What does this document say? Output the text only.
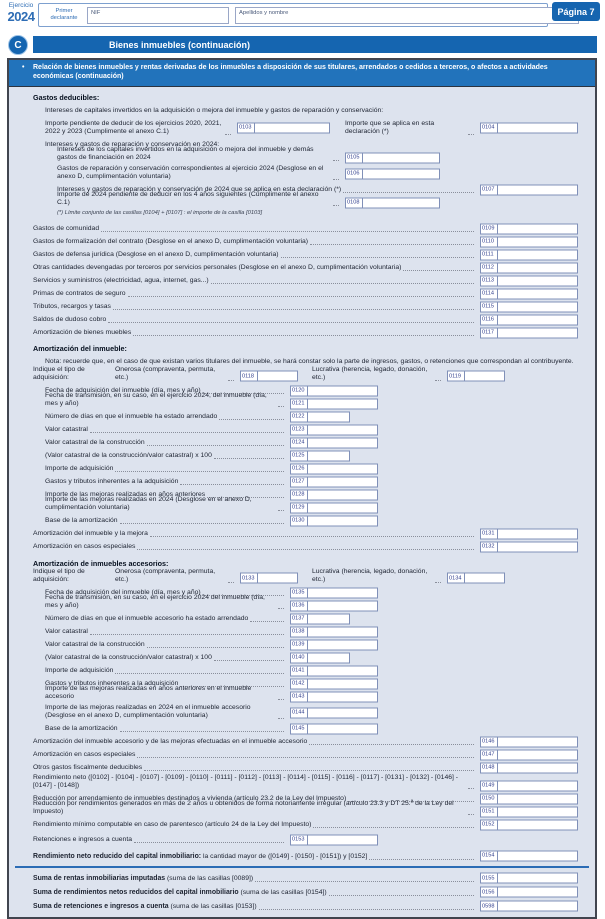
Ejercicio
2024	Primer declarante
NIF	Apellidos y nombre	Página 7
C	Bienes inmuebles (continuación)
• Relación de bienes inmuebles y rentas derivadas de los inmuebles a disposición de sus titulares, arrendados o cedidos a terceros, o afectos a actividades económicas (continuación)
Gastos deducibles:
Intereses de capitales invertidos en la adquisición o mejora del inmueble y gastos de reparación y conservación:
Importe pendiente de deducir de los ejercicios 2020, 2021, 2022 y 2023 (Cumplimente el anexo C.1)
0103
Importe que se aplica en esta declaración (*)
0104
Intereses y gastos de reparación y conservación en 2024:
Intereses de los capitales invertidos en la adquisición o mejora del inmueble y demás gastos de financiación en 2024	0105
Gastos de reparación y conservación correspondientes al ejercicio 2024 (Desglose en el anexo D, cumplimentación voluntaria)	0106
Intereses y gastos de reparación y conservación de 2024 que se aplica en esta declaración (*)	0107
Importe de 2024 pendiente de deducir en los 4 años siguientes (Cumplimente el anexo C.1)	0108
(*) Límite conjunto de las casillas [0104] + [0107] : el importe de la casilla [0103]
Gastos de comunidad	0109
Gastos de formalización del contrato (Desglose en el anexo D, cumplimentación voluntaria)	0110
Gastos de defensa jurídica (Desglose en el anexo D, cumplimentación voluntaria)	0111
Otras cantidades devengadas por terceros por servicios personales (Desglose en el anexo D, cumplimentación voluntaria)	0112
Servicios y suministros (electricidad, agua, internet, gas...)	0113
Primas de contratos de seguro	0114
Tributos, recargos y tasas	0115
Saldos de dudoso cobro	0116
Amortización de bienes muebles	0117
Amortización del inmueble:
Nota: recuerde que, en el caso de que existan varios titulares del inmueble, se hará constar solo la parte de ingresos, gastos, o retenciones que correspondan al contribuyente.
Indique el tipo de adquisición:
Onerosa (compraventa, permuta, etc.)	0118
Lucrativa (herencia, legado, donación, etc.)	0119
Fecha de adquisición del inmueble (día, mes y año)	0120
Fecha de transmisión, en su caso, en el ejercicio 2024, del inmueble (día, mes y año)	0121
Número de días en que el inmueble ha estado arrendado	0122
Valor catastral	0123
Valor catastral de la construcción	0124
(Valor catastral de la construcción/valor catastral) x 100	0125
Importe de adquisición	0126
Gastos y tributos inherentes a la adquisición	0127
Importe de las mejoras realizadas en años anteriores	0128
Importe de las mejoras realizadas en 2024 (Desglose en el anexo D, cumplimentación voluntaria)	0129
Base de la amortización	0130
Amortización del inmueble y la mejora	0131
Amortización en casos especiales	0132
Amortización de inmuebles accesorios:
Indique el tipo de adquisición:
Onerosa (compraventa, permuta, etc.)	0133
Lucrativa (herencia, legado, donación, etc.)	0134
Fecha de adquisición del inmueble (día, mes y año)	0135
Fecha de transmisión, en su caso, en el ejercicio 2024 del inmueble (día, mes y año)	0136
Número de días en que el inmueble accesorio ha estado arrendado	0137
Valor catastral	0138
Valor catastral de la construcción	0139
(Valor catastral de la construcción/valor catastral) x 100	0140
Importe de adquisición	0141
Gastos y tributos inherentes a la adquisición	0142
Importe de las mejoras realizadas en años anteriores en el inmueble accesorio	0143
Importe de las mejoras realizadas en 2024 en el inmueble accesorio (Desglose en el anexo D, cumplimentación voluntaria)	0144
Base de la amortización	0145
Amortización del inmueble accesorio y de las mejoras efectuadas en el inmueble accesorio	0146
Amortización en casos especiales	0147
Otros gastos fiscalmente deducibles	0148
Rendimiento neto ([0102] - [0104] - [0107] - [0109] - [0110] - [0111] - [0112] - [0113] - [0114] - [0115] - [0116] - [0117] - [0131] - [0132] - [0146] - [0147] - [0148])	0149
Reducción por arrendamiento de inmuebles destinados a vivienda (artículo 23.2 de la Ley del Impuesto)	0150
Reducción por rendimientos generados en más de 2 años u obtenidos de forma notoriamente irregular (artículo 23.3 y DT 25.ª de la Ley del Impuesto)	0151
Rendimiento mínimo computable en caso de parentesco (artículo 24 de la Ley del Impuesto)	0152
Retenciones e ingresos a cuenta	0153
Rendimiento neto reducido del capital inmobiliario: la cantidad mayor de ([0149] - [0150] - [0151]) y [0152]	0154
Suma de rentas inmobiliarias imputadas (suma de las casillas [0089])	0155
Suma de rendimientos netos reducidos del capital inmobiliario (suma de las casillas [0154])	0156
Suma de retenciones e ingresos a cuenta (suma de las casillas [0153])	0598
